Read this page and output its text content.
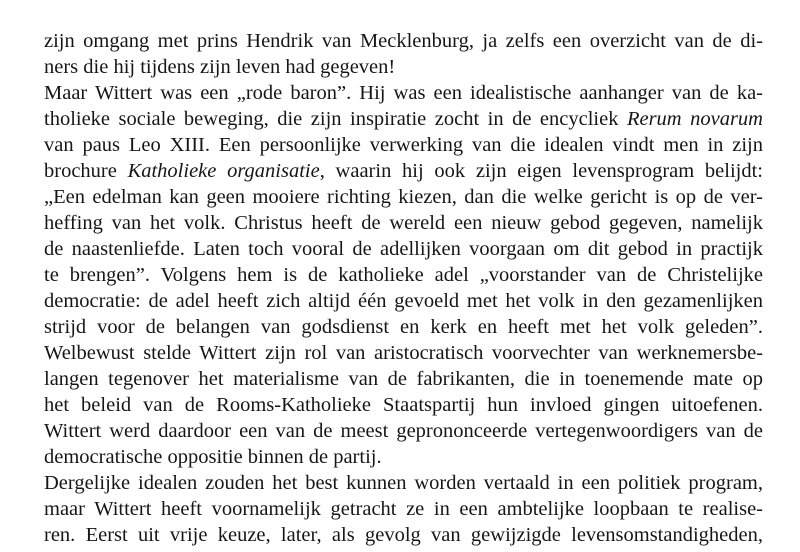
zijn omgang met prins Hendrik van Mecklenburg, ja zelfs een overzicht van de di-
ners die hij tijdens zijn leven had gegeven!
Maar Wittert was een „rode baron”. Hij was een idealistische aanhanger van de ka-
tholieke sociale beweging, die zijn inspiratie zocht in de encycliek Rerum novarum
van paus Leo XIII. Een persoonlijke verwerking van die idealen vindt men in zijn
brochure Katholieke organisatie, waarin hij ook zijn eigen levensprogram belijdt:
„Een edelman kan geen mooiere richting kiezen, dan die welke gericht is op de ver-
heffing van het volk. Christus heeft de wereld een nieuw gebod gegeven, namelijk
de naastenliefde. Laten toch vooral de adellijken voorgaan om dit gebod in practijk
te brengen”. Volgens hem is de katholieke adel „voorstander van de Christelijke
democratie: de adel heeft zich altijd één gevoeld met het volk in den gezamenlijken
strijd voor de belangen van godsdienst en kerk en heeft met het volk geleden”.
Welbewust stelde Wittert zijn rol van aristocratisch voorvechter van werknemersbe-
langen tegenover het materialisme van de fabrikanten, die in toenemende mate op
het beleid van de Rooms-Katholieke Staatspartij hun invloed gingen uitoefenen.
Wittert werd daardoor een van de meest geprononceerde vertegenwoordigers van de
democratische oppositie binnen de partij.
Dergelijke idealen zouden het best kunnen worden vertaald in een politiek program,
maar Wittert heeft voornamelijk getracht ze in een ambtelijke loopbaan te realise-
ren. Eerst uit vrije keuze, later, als gevolg van gewijzigde levensomstandigheden,
